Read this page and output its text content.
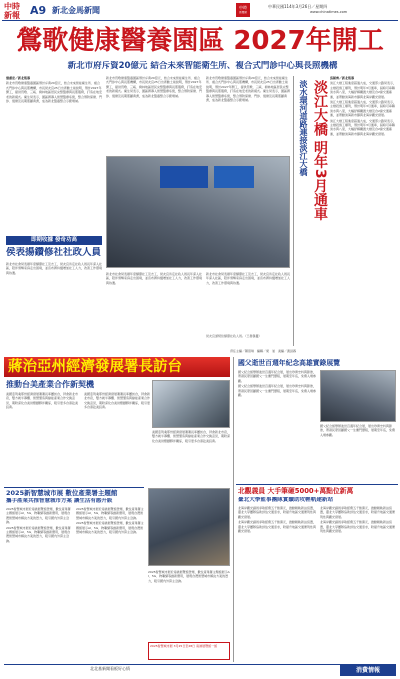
中時
新報 A9 新北金馬新聞	中時
新聞網
中華民國114年3月26日／星期四
www.chinatimes.com
鶯歌健康醫養園區 2027年開工
新北市府斥資20億元 結合未來智能衛生所、複合式門診中心與長照機構

葉書宏／新北報導

新北市鶯歌健康醫養園區預計斥資20億元，結合未來智能衛生所、複合式門診中心與長照機構，市長侯友宜25日出席動土前說明，預計2027年開工，提供鶯歌、三峽、樹林地區居民完整醫療與長照服務，打造在地安老的新模式。衛生局表示，園區將導入智慧醫療系統，整合預防保健、門診、復健及長期照顧資源，成為新北醫養整合示範場域。

新北市鶯歌健康醫養園區預計斥資20億元，結合未來智能衛生所、複合式門診中心與長照機構，市長侯友宜25日出席動土前說明，預計2027年開工，提供鶯歌、三峽、樹林地區居民完整醫療與長照服務，打造在地安老的新模式。衛生局表示，園區將導入智慧醫療系統，整合預防保健、門診、復健及長期照顧資源，成為新北醫養整合示範場域。

新北市鶯歌健康醫養園區預計斥資20億元，結合未來智能衛生所、複合式門診中心與長照機構，市長侯友宜25日出席動土前說明，預計2027年開工，提供鶯歌、三峽、樹林地區居民完整醫療與長照服務，打造在地安老的新模式。衛生局表示，園區將導入智慧醫療系統，整合預防保健、門診、復健及長期照顧資源，成為新北醫養整合示範場域。

即期收據 發奇功高
侯表揚鑽修社社政人員

新北市社會局表揚年度績優社工及志工，侯友宜肯定社政人員長年深入社區，陪伴弱勢家庭走出困境，並宣布將持續增加社工人力，改善工作環境與待遇。	新北市社會局表揚年度績優社工及志工，侯友宜肯定社政人員長年深入社區，陪伴弱勢家庭走出困境，並宣布將持續增加社工人力，改善工作環境與待遇。

新北市社會局表揚年度績優社工及志工，侯友宜肯定社政人員長年深入社區，陪伴弱勢家庭走出困境，並宣布將持續增加社工人力，改善工作環境與待遇。

侯友宜頒獎給績優社政人員。（王揚傑攝）
淡水環河道路連接淡江大橋 淡江大橋 明年3月通車

張穎齊／新北報導

淡江大橋工程進度超過九成，交通部公路局表示，主橋段施工順利，預計明年3月通車，屆時可串聯淡水與八里，大幅紓解關渡大橋及台2線交通壅塞，並帶動淡海新市鎮與北海岸觀光發展。

淡江大橋工程進度超過九成，交通部公路局表示，主橋段施工順利，預計明年3月通車，屆時可串聯淡水與八里，大幅紓解關渡大橋及台2線交通壅塞，並帶動淡海新市鎮與北海岸觀光發展。

淡江大橋工程進度超過九成，交通部公路局表示，主橋段施工順利，預計明年3月通車，屆時可串聯淡水與八里，大幅紓解關渡大橋及台2線交通壅塞，並帶動淡海新市鎮與北海岸觀光發展。

責任主編／陳思琪　編輯／梁　旭　美編／黃詩蓉
蔣治亞州經濟發展署長訪台
推動台美產業合作新契機

美國亞利桑那州經濟發展署署長率團訪台，拜會新北市府，雙方就半導體、智慧製造與綠能產業合作交換意見，期盼深化台美供應鏈夥伴關係，吸引更多台商赴美投資。

美國亞利桑那州經濟發展署署長率團訪台，拜會新北市府，雙方就半導體、智慧製造與綠能產業合作交換意見，期盼深化台美供應鏈夥伴關係，吸引更多台商赴美投資。

美國亞利桑那州經濟發展署署長率團訪台，拜會新北市府，雙方就半導體、智慧製造與綠能產業合作交換意見，期盼深化台美供應鏈夥伴關係，吸引更多台商赴美投資。

2025新智慧城市展 數位產業署主題館
攜手產業共推智慧城市方案 讓生活有感升級

2025智慧城市展於南港展覽館登場，數位產業署主題館展示AI、5G、物聯網等創新應用，展現台灣智慧城市解決方案的實力，吸引國內外買主洽詢。

2025智慧城市展於南港展覽館登場，數位產業署主題館展示AI、5G、物聯網等創新應用，展現台灣智慧城市解決方案的實力，吸引國內外買主洽詢。

2025智慧城市展於南港展覽館登場，數位產業署主題館展示AI、5G、物聯網等創新應用，展現台灣智慧城市解決方案的實力，吸引國內外買主洽詢。

2025智慧城市展於南港展覽館登場，數位產業署主題館展示AI、5G、物聯網等創新應用，展現台灣智慧城市解決方案的實力，吸引國內外買主洽詢。

2025智慧城市展於南港展覽館登場，數位產業署主題館展示AI、5G、物聯網等創新應用，展現台灣智慧城市解決方案的實力，吸引國內外買主洽詢。

2025智慧城市展 3月25日至28日 南港展覽館一館
國父逝世百週年紀念高雄實錄展覽

國父紀念館舉辦逝世百週年紀念展，展出珍貴史料與影像，帶領民眾回顧國父一生奮鬥歷程，展期至年底，免費入場參觀。

國父紀念館舉辦逝世百週年紀念展，展出珍貴史料與影像，帶領民眾回顧國父一生奮鬥歷程，展期至年底，免費入場參觀。

國父紀念館舉辦逝世百週年紀念展，展出珍貴史料與影像，帶領民眾回顧國父一生奮鬥歷程，展期至年底，免費入場參觀。

北觀義員 大手筆砸5000+萬點位新萬
臺北大學監事團隊實續助攻輕軌建新站

北海岸觀光議員爭取經費五千餘萬元，推動輕軌新站設置，臺北大學團隊協助評估交通需求，盼提升地區交通便利性與觀光發展。

北海岸觀光議員爭取經費五千餘萬元，推動輕軌新站設置，臺北大學團隊協助評估交通需求，盼提升地區交通便利性與觀光發展。

北海岸觀光議員爭取經費五千餘萬元，推動輕軌新站設置，臺北大學團隊協助評估交通需求，盼提升地區交通便利性與觀光發展。

北海岸觀光議員爭取經費五千餘萬元，推動輕軌新站設置，臺北大學團隊協助評估交通需求，盼提升地區交通便利性與觀光發展。

北北基新聞看板好心情	消費情報
